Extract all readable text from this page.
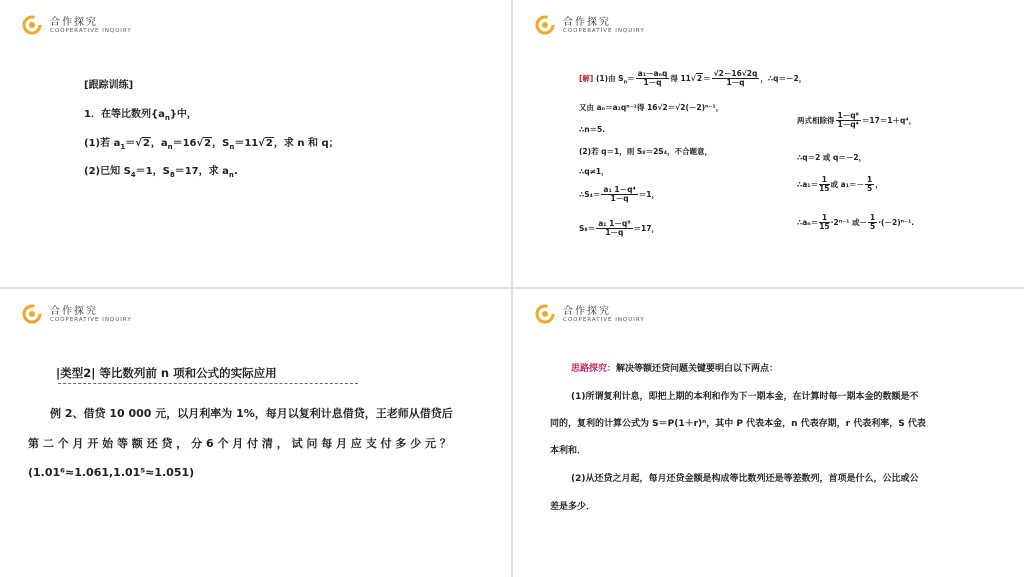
合作探究
COOPERATIVE INQUIRY
[跟踪训练]
1．在等比数列$\{a_n\}$中，
(1)若 $a_1=√2$，$a_n=16√2$，$S_n=11√2$，求 n 和 q；
(2)已知 $S_4=1$，$S_8=17$，求 $a_n$.
合作探究
COOPERATIVE INQUIRY
[解] (1)由 $S_n= \frac{\text{a₁－aₙq}}{1-q}$ 得 $11√2= \frac{√2-16√2q}{1-q}$ ，∴q＝－2，
又由 aₙ＝a₁qⁿ⁻¹得 16√2＝√2(－2)ⁿ⁻¹，
∴n＝5.
(2)若 q＝1，则 S₈＝2S₄，不合题意，
∴q≠1，
∴S₄＝ $\frac{\text{a₁ 1－q⁴}}{1-q} =1$，
$S_8= \frac{\text{a₁ 1－q⁸}}{1-q} =17$，
两式相除得 $\frac{\text{1－q⁸}}{\text{1－q⁴}} =17=1+q^4$，
∴q＝2 或 q＝－2，
∴a₁＝ $\frac{1}{15}$ 或 $a_1=- \frac{1}{5}$ ，
∴aₙ＝ $\frac{1}{15} \cdot 2^{n-1}$ 或－ $\frac{1}{5} \cdot(-2)^{n-1}$.
合作探究
COOPERATIVE INQUIRY
|类型2| 等比数列前 n 项和公式的实际应用
例 2、借贷 10 000 元，以月利率为 1%，每月以复利计息借贷，王老师从借贷后
第 二 个 月 开 始 等 额 还 贷 ， 分 6 个 月 付 清 ， 试 问 每 月 应 支 付 多 少 元 ？
(1.01⁶≈1.061,1.01⁵≈1.051)
合作探究
COOPERATIVE INQUIRY
思路探究：解决等额还贷问题关键要明白以下两点：
(1)所谓复利计息，即把上期的本利和作为下一期本金，在计算时每一期本金的数额是不
同的，复利的计算公式为 S＝P(1＋r)ⁿ，其中 P 代表本金，n 代表存期，r 代表利率，S 代表
本利和．
(2)从还贷之月起，每月还贷金额是构成等比数列还是等差数列，首项是什么，公比或公
差是多少．
